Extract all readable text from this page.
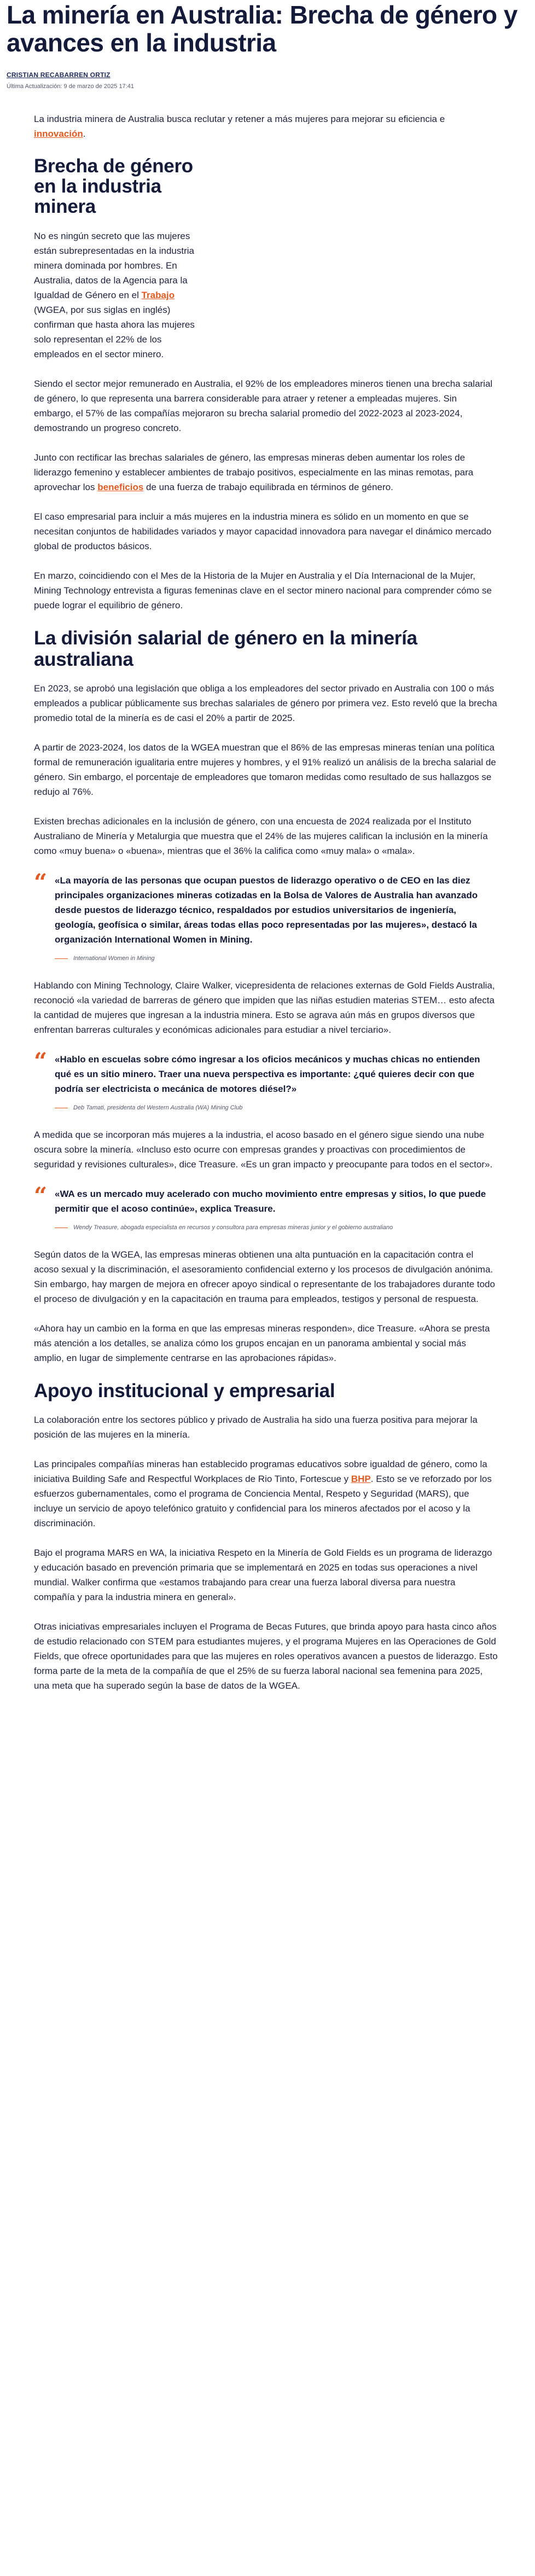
La minería en Australia: Brecha de género y avances en la industria
CRISTIAN RECABARREN ORTIZ
Última Actualización: 9 de marzo de 2025 17:41

La industria minera de Australia busca reclutar y retener a más mujeres para mejorar su eficiencia e innovación.

Brecha de género en la industria minera

No es ningún secreto que las mujeres están subrepresentadas en la industria minera dominada por hombres. En Australia, datos de la Agencia para la Igualdad de Género en el Trabajo (WGEA, por sus siglas en inglés) confirman que hasta ahora las mujeres solo representan el 22% de los empleados en el sector minero.

Siendo el sector mejor remunerado en Australia, el 92% de los empleadores mineros tienen una brecha salarial de género, lo que representa una barrera considerable para atraer y retener a empleadas mujeres. Sin embargo, el 57% de las compañías mejoraron su brecha salarial promedio del 2022-2023 al 2023-2024, demostrando un progreso concreto.

Junto con rectificar las brechas salariales de género, las empresas mineras deben aumentar los roles de liderazgo femenino y establecer ambientes de trabajo positivos, especialmente en las minas remotas, para aprovechar los beneficios de una fuerza de trabajo equilibrada en términos de género.

El caso empresarial para incluir a más mujeres en la industria minera es sólido en un momento en que se necesitan conjuntos de habilidades variados y mayor capacidad innovadora para navegar el dinámico mercado global de productos básicos.

En marzo, coincidiendo con el Mes de la Historia de la Mujer en Australia y el Día Internacional de la Mujer, Mining Technology entrevista a figuras femeninas clave en el sector minero nacional para comprender cómo se puede lograr el equilibrio de género.

La división salarial de género en la minería australiana

En 2023, se aprobó una legislación que obliga a los empleadores del sector privado en Australia con 100 o más empleados a publicar públicamente sus brechas salariales de género por primera vez. Esto reveló que la brecha promedio total de la minería es de casi el 20% a partir de 2025.

A partir de 2023-2024, los datos de la WGEA muestran que el 86% de las empresas mineras tenían una política formal de remuneración igualitaria entre mujeres y hombres, y el 91% realizó un análisis de la brecha salarial de género. Sin embargo, el porcentaje de empleadores que tomaron medidas como resultado de sus hallazgos se redujo al 76%.

Existen brechas adicionales en la inclusión de género, con una encuesta de 2024 realizada por el Instituto Australiano de Minería y Metalurgia que muestra que el 24% de las mujeres califican la inclusión en la minería como «muy buena» o «buena», mientras que el 36% la califica como «muy mala» o «mala».

“ «La mayoría de las personas que ocupan puestos de liderazgo operativo o de CEO en las diez principales organizaciones mineras cotizadas en la Bolsa de Valores de Australia han avanzado desde puestos de liderazgo técnico, respaldados por estudios universitarios de ingeniería, geología, geofísica o similar, áreas todas ellas poco representadas por las mujeres», destacó la organización International Women in Mining.
International Women in Mining

Hablando con Mining Technology, Claire Walker, vicepresidenta de relaciones externas de Gold Fields Australia, reconoció «la variedad de barreras de género que impiden que las niñas estudien materias STEM… esto afecta la cantidad de mujeres que ingresan a la industria minera. Esto se agrava aún más en grupos diversos que enfrentan barreras culturales y económicas adicionales para estudiar a nivel terciario».

“ «Hablo en escuelas sobre cómo ingresar a los oficios mecánicos y muchas chicas no entienden qué es un sitio minero. Traer una nueva perspectiva es importante: ¿qué quieres decir con que podría ser electricista o mecánica de motores diésel?»
Deb Tamati, presidenta del Western Australia (WA) Mining Club

A medida que se incorporan más mujeres a la industria, el acoso basado en el género sigue siendo una nube oscura sobre la minería. «Incluso esto ocurre con empresas grandes y proactivas con procedimientos de seguridad y revisiones culturales», dice Treasure. «Es un gran impacto y preocupante para todos en el sector».

“ «WA es un mercado muy acelerado con mucho movimiento entre empresas y sitios, lo que puede permitir que el acoso continúe», explica Treasure.
Wendy Treasure, abogada especialista en recursos y consultora para empresas mineras junior y el gobierno australiano

Según datos de la WGEA, las empresas mineras obtienen una alta puntuación en la capacitación contra el acoso sexual y la discriminación, el asesoramiento confidencial externo y los procesos de divulgación anónima. Sin embargo, hay margen de mejora en ofrecer apoyo sindical o representante de los trabajadores durante todo el proceso de divulgación y en la capacitación en trauma para empleados, testigos y personal de respuesta.

«Ahora hay un cambio en la forma en que las empresas mineras responden», dice Treasure. «Ahora se presta más atención a los detalles, se analiza cómo los grupos encajan en un panorama ambiental y social más amplio, en lugar de simplemente centrarse en las aprobaciones rápidas».

Apoyo institucional y empresarial

La colaboración entre los sectores público y privado de Australia ha sido una fuerza positiva para mejorar la posición de las mujeres en la minería.

Las principales compañías mineras han establecido programas educativos sobre igualdad de género, como la iniciativa Building Safe and Respectful Workplaces de Rio Tinto, Fortescue y BHP. Esto se ve reforzado por los esfuerzos gubernamentales, como el programa de Conciencia Mental, Respeto y Seguridad (MARS), que incluye un servicio de apoyo telefónico gratuito y confidencial para los mineros afectados por el acoso y la discriminación.

Bajo el programa MARS en WA, la iniciativa Respeto en la Minería de Gold Fields es un programa de liderazgo y educación basado en prevención primaria que se implementará en 2025 en todas sus operaciones a nivel mundial. Walker confirma que «estamos trabajando para crear una fuerza laboral diversa para nuestra compañía y para la industria minera en general».

Otras iniciativas empresariales incluyen el Programa de Becas Futures, que brinda apoyo para hasta cinco años de estudio relacionado con STEM para estudiantes mujeres, y el programa Mujeres en las Operaciones de Gold Fields, que ofrece oportunidades para que las mujeres en roles operativos avancen a puestos de liderazgo. Esto forma parte de la meta de la compañía de que el 25% de su fuerza laboral nacional sea femenina para 2025, una meta que ha superado según la base de datos de la WGEA.
